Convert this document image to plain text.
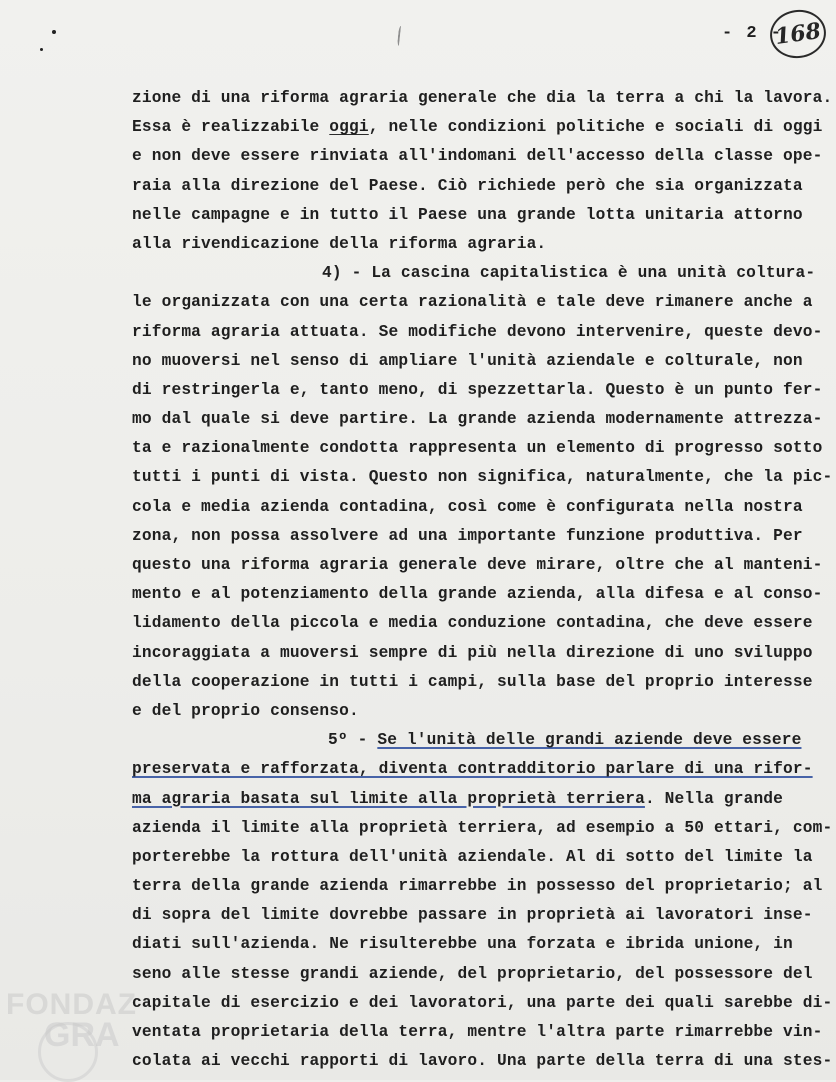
- 2 -
168
zione di una riforma agraria generale che dia la terra a chi la lavora.
Essa è realizzabile oggi, nelle condizioni politiche e sociali di oggi
e non deve essere rinviata all'indomani dell'accesso della classe ope-
raia alla direzione del Paese. Ciò richiede però che sia organizzata
nelle campagne e in tutto il Paese una grande lotta unitaria attorno
alla rivendicazione della riforma agraria.
4) - La cascina capitalistica è una unità coltura-
le organizzata con una certa razionalità e tale deve rimanere anche a
riforma agraria attuata. Se modifiche devono intervenire, queste devo-
no muoversi nel senso di ampliare l'unità aziendale e colturale, non
di restringerla e, tanto meno, di spezzettarla. Questo è un punto fer-
mo dal quale si deve partire. La grande azienda modernamente attrezza-
ta e razionalmente condotta rappresenta un elemento di progresso sotto
tutti i punti di vista. Questo non significa, naturalmente, che la pic-
cola e media azienda contadina, così come è configurata nella nostra
zona, non possa assolvere ad una importante funzione produttiva. Per
questo una riforma agraria generale deve mirare, oltre che al manteni-
mento e al potenziamento della grande azienda, alla difesa e al conso-
lidamento della piccola e media conduzione contadina, che deve essere
incoraggiata a muoversi sempre di più nella direzione di uno sviluppo
della cooperazione in tutti i campi, sulla base del proprio interesse
e del proprio consenso.
5º - Se l'unità delle grandi aziende deve essere
preservata e rafforzata, diventa contradditorio parlare di una rifor-
ma agraria basata sul limite alla proprietà terriera. Nella grande
azienda il limite alla proprietà terriera, ad esempio a 50 ettari, com-
porterebbe la rottura dell'unità aziendale. Al di sotto del limite la
terra della grande azienda rimarrebbe in possesso del proprietario; al
di sopra del limite dovrebbe passare in proprietà ai lavoratori inse-
diati sull'azienda. Ne risulterebbe una forzata e ibrida unione, in
seno alle stesse grandi aziende, del proprietario, del possessore del
capitale di esercizio e dei lavoratori, una parte dei quali sarebbe di-
ventata proprietaria della terra, mentre l'altra parte rimarrebbe vin-
colata ai vecchi rapporti di lavoro. Una parte della terra di una stes-
FONDAZ
GRA
